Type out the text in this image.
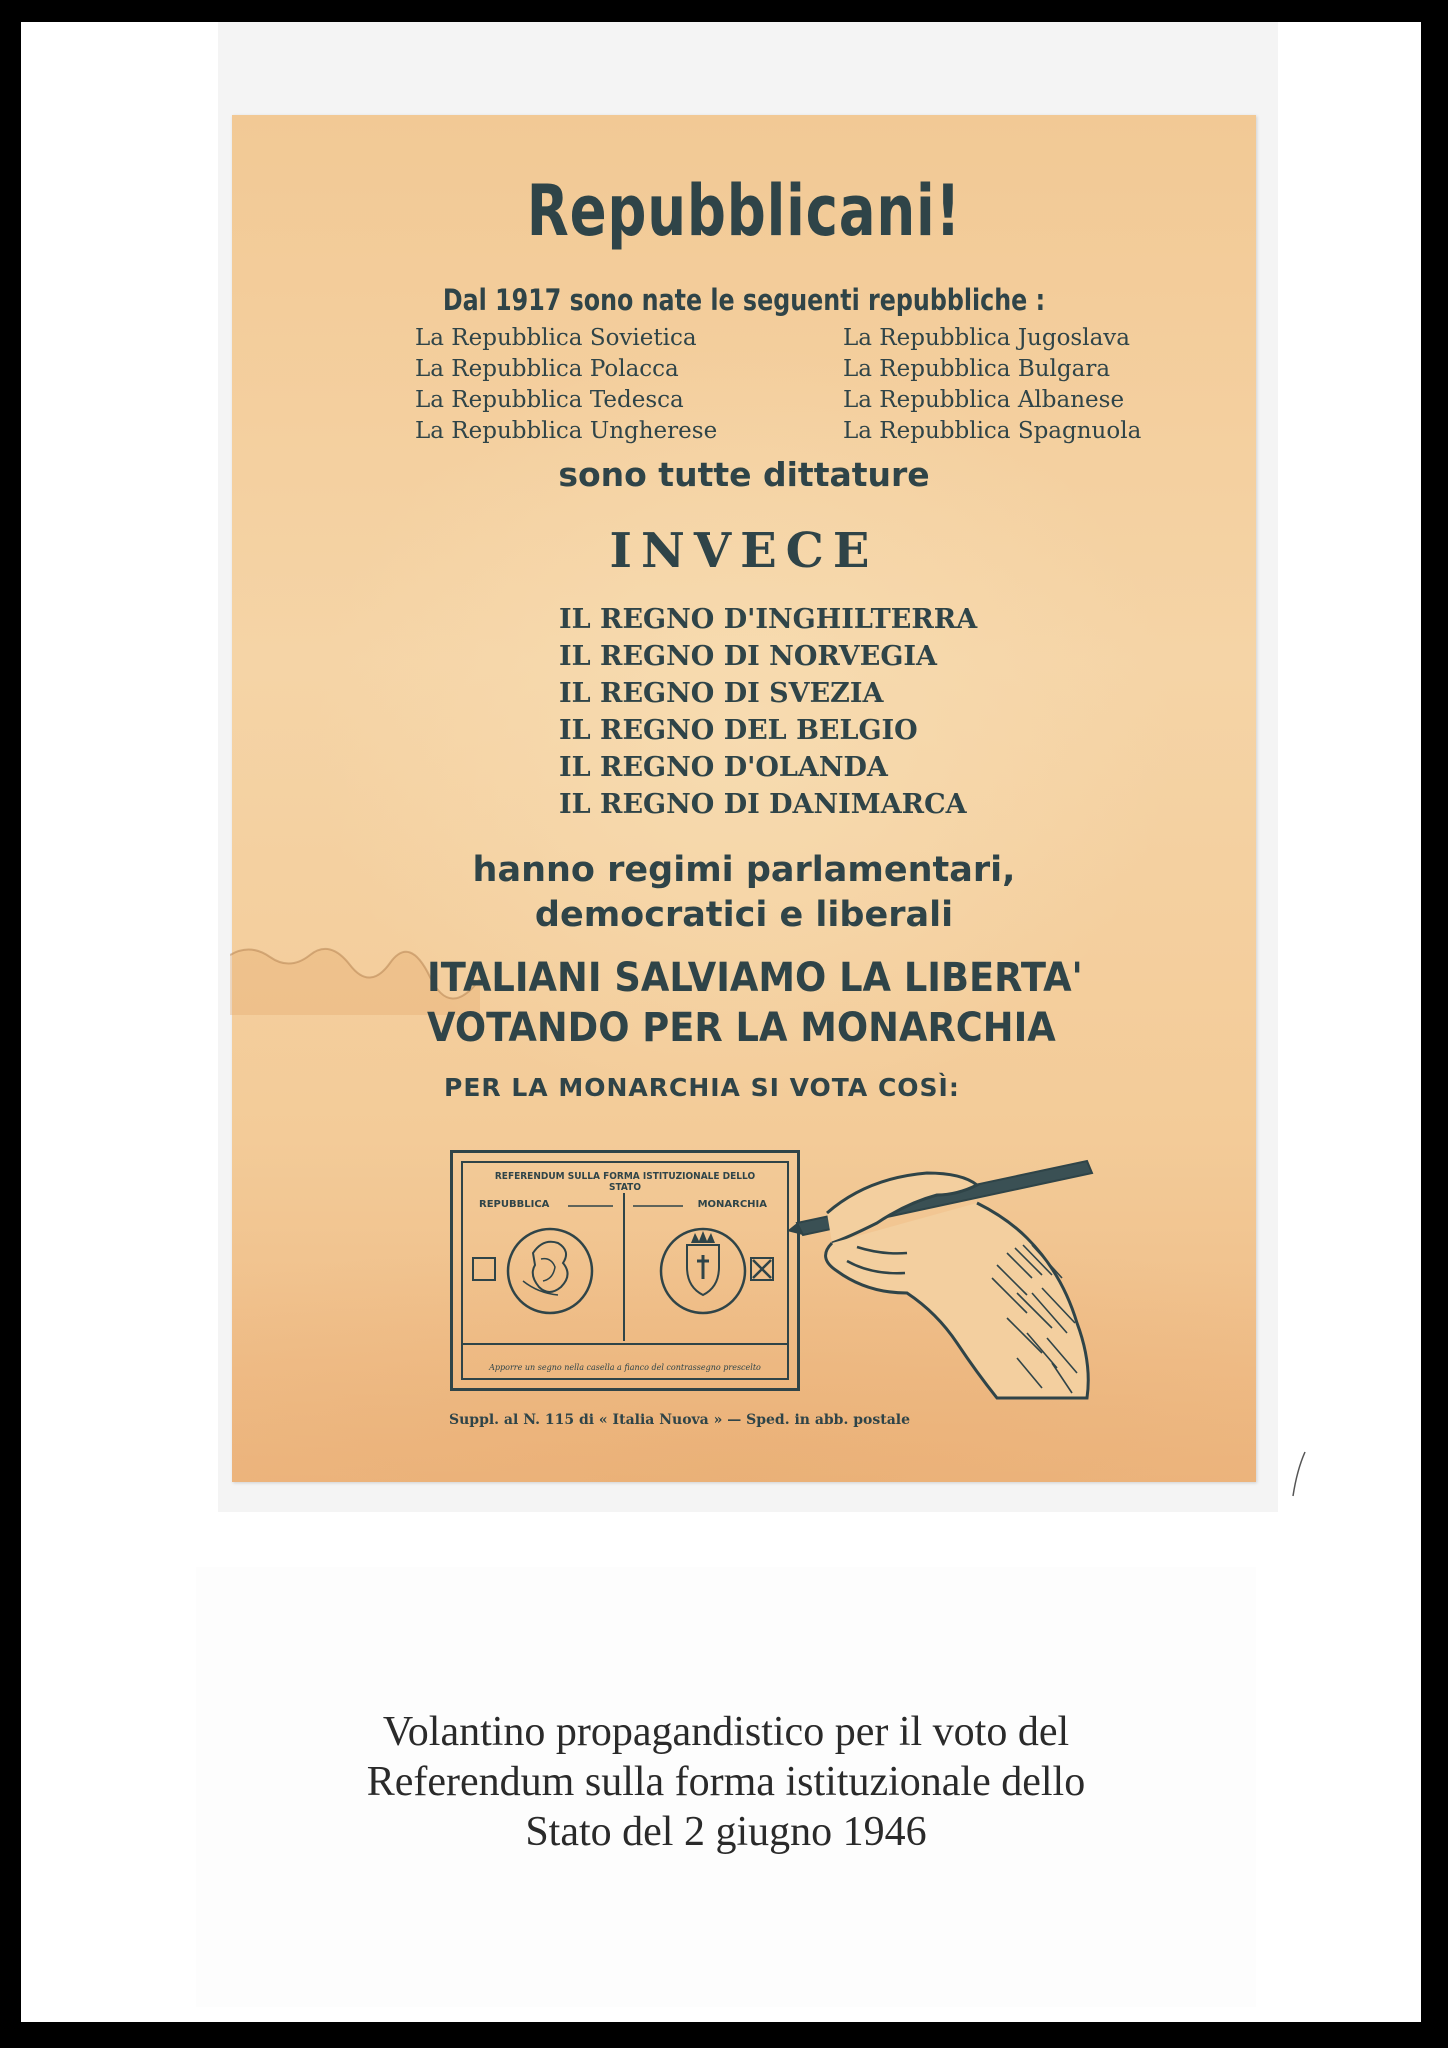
Repubblicani!

Dal 1917 sono nate le seguenti repubbliche :

La Repubblica Sovietica
La Repubblica Polacca
La Repubblica Tedesca
La Repubblica Ungherese
La Repubblica Jugoslava
La Repubblica Bulgara
La Repubblica Albanese
La Repubblica Spagnuola

sono tutte dittature

INVECE

IL REGNO D'INGHILTERRA
IL REGNO DI NORVEGIA
IL REGNO DI SVEZIA
IL REGNO DEL BELGIO
IL REGNO D'OLANDA
IL REGNO DI DANIMARCA
hanno regimi parlamentari,
democratici e liberali
ITALIANI SALVIAMO LA LIBERTA'
VOTANDO PER LA MONARCHIA

PER LA MONARCHIA SI VOTA COSÌ:

REFERENDUM SULLA FORMA ISTITUZIONALE DELLO STATO
REPUBBLICA	MONARCHIA
Apporre un segno nella casella a fianco del contrassegno prescelto

Suppl. al N. 115 di « Italia Nuova » — Sped. in abb. postale

Volantino propagandistico per il voto del
Referendum sulla forma istituzionale dello
Stato del 2 giugno 1946
